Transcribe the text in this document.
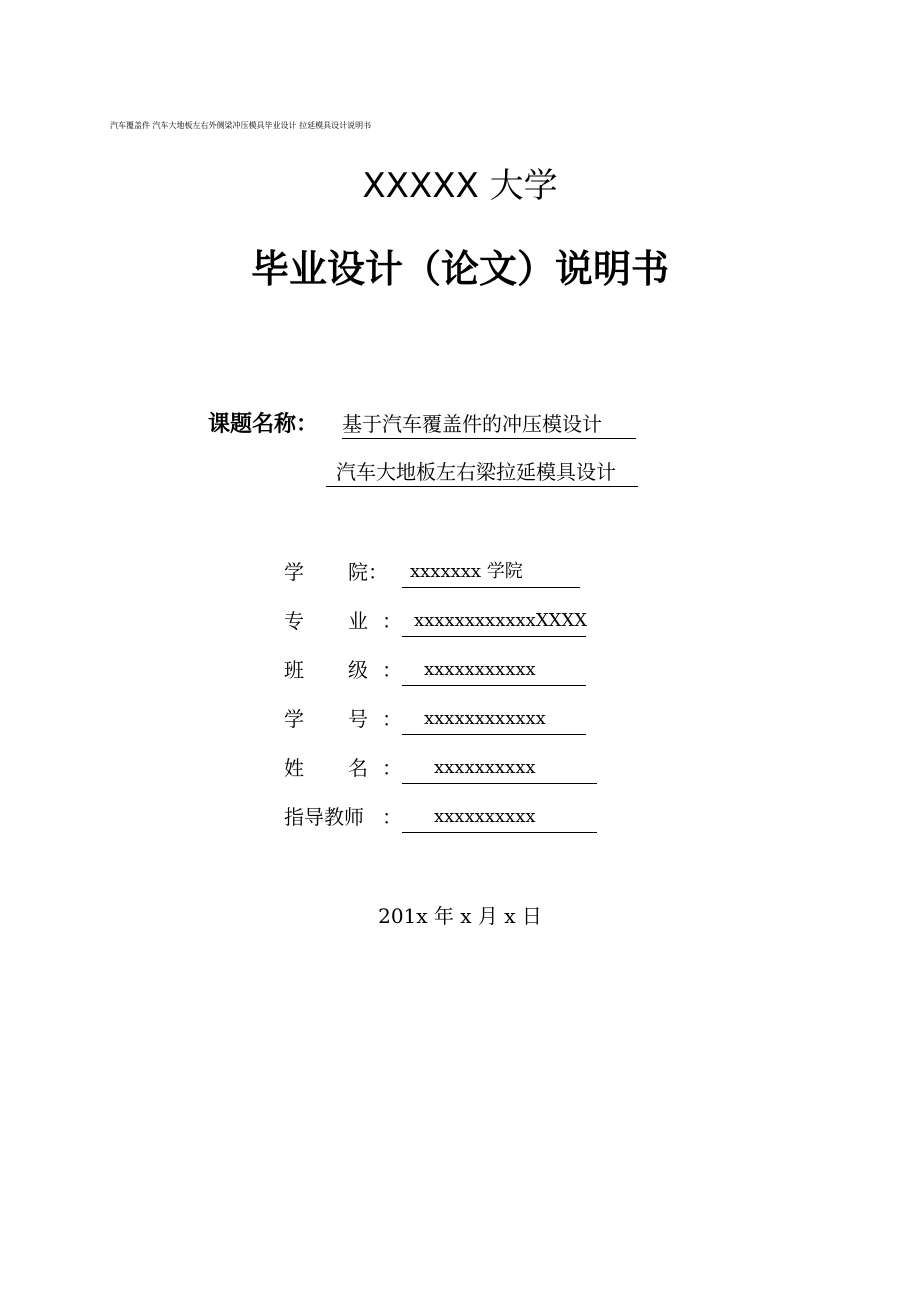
汽车覆盖件 汽车大地板左右外侧梁冲压模具毕业设计 拉延模具设计说明书
XXXXX 大学
毕业设计（论文）说明书
课题名称： 基于汽车覆盖件的冲压模设计
汽车大地板左右梁拉延模具设计
学 院：	xxxxxxx 学院
专 业 ： xxxxxxxxxxxxXXXX
班 级 ：	xxxxxxxxxxx
学 号 ：	xxxxxxxxxxxx
姓 名 ：	xxxxxxxxxx
指导教师 ：	xxxxxxxxxx
201x 年 x 月 x 日
